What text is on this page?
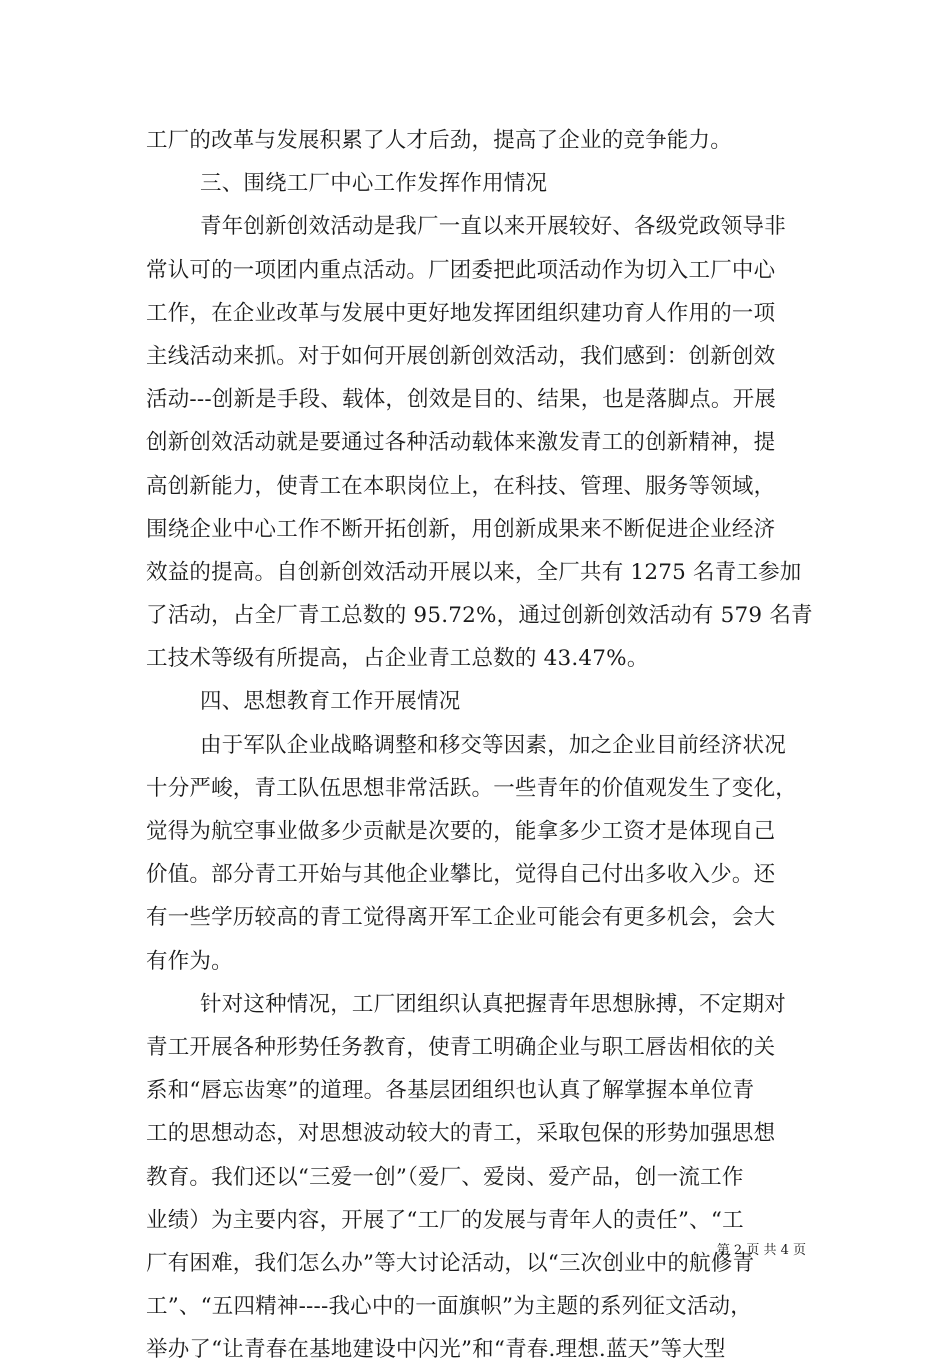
工厂的改革与发展积累了人才后劲，提高了企业的竞争能力。
三、围绕工厂中心工作发挥作用情况
青年创新创效活动是我厂一直以来开展较好、各级党政领导非
常认可的一项团内重点活动。厂团委把此项活动作为切入工厂中心
工作，在企业改革与发展中更好地发挥团组织建功育人作用的一项
主线活动来抓。对于如何开展创新创效活动，我们感到：创新创效
活动---创新是手段、载体，创效是目的、结果，也是落脚点。开展
创新创效活动就是要通过各种活动载体来激发青工的创新精神，提
高创新能力，使青工在本职岗位上，在科技、管理、服务等领域，
围绕企业中心工作不断开拓创新，用创新成果来不断促进企业经济
效益的提高。自创新创效活动开展以来，全厂共有 1275 名青工参加
了活动，占全厂青工总数的 95.72%，通过创新创效活动有 579 名青
工技术等级有所提高，占企业青工总数的 43.47%。
四、思想教育工作开展情况
由于军队企业战略调整和移交等因素，加之企业目前经济状况
十分严峻，青工队伍思想非常活跃。一些青年的价值观发生了变化，
觉得为航空事业做多少贡献是次要的，能拿多少工资才是体现自己
价值。部分青工开始与其他企业攀比，觉得自己付出多收入少。还
有一些学历较高的青工觉得离开军工企业可能会有更多机会，会大
有作为。
针对这种情况，工厂团组织认真把握青年思想脉搏，不定期对
青工开展各种形势任务教育，使青工明确企业与职工唇齿相依的关
系和“唇忘齿寒”的道理。各基层团组织也认真了解掌握本单位青
工的思想动态，对思想波动较大的青工，采取包保的形势加强思想
教育。我们还以“三爱一创”（爱厂、爱岗、爱产品，创一流工作
业绩）为主要内容，开展了“工厂的发展与青年人的责任”、“工
厂有困难，我们怎么办”等大讨论活动，以“三次创业中的航修青
工”、“五四精神----我心中的一面旗帜”为主题的系列征文活动，
举办了“让青春在基地建设中闪光”和“青春.理想.蓝天”等大型
第 2 页 共 4 页
